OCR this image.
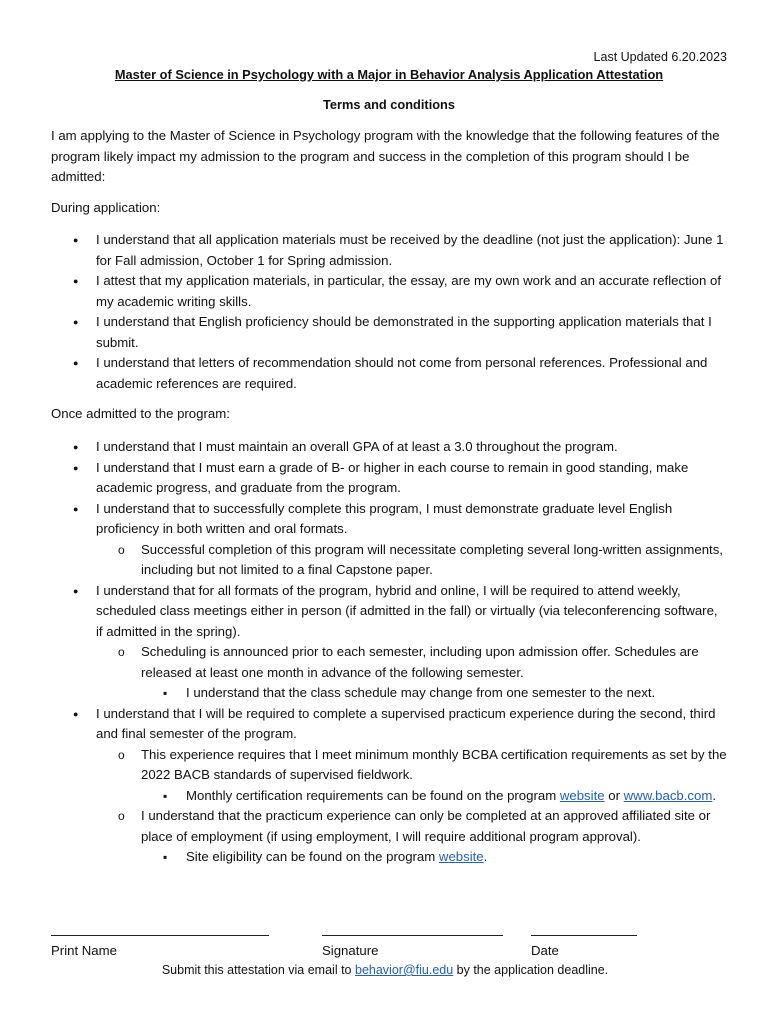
Last Updated 6.20.2023
Master of Science in Psychology with a Major in Behavior Analysis Application Attestation
Terms and conditions
I am applying to the Master of Science in Psychology program with the knowledge that the following features of the program likely impact my admission to the program and success in the completion of this program should I be admitted:
During application:
● I understand that all application materials must be received by the deadline (not just the application): June 1 for Fall admission, October 1 for Spring admission.
● I attest that my application materials, in particular, the essay, are my own work and an accurate reflection of my academic writing skills.
● I understand that English proficiency should be demonstrated in the supporting application materials that I submit.
● I understand that letters of recommendation should not come from personal references. Professional and academic references are required.
Once admitted to the program:
● I understand that I must maintain an overall GPA of at least a 3.0 throughout the program.
● I understand that I must earn a grade of B- or higher in each course to remain in good standing, make academic progress, and graduate from the program.
● I understand that to successfully complete this program, I must demonstrate graduate level English proficiency in both written and oral formats.
o Successful completion of this program will necessitate completing several long-written assignments, including but not limited to a final Capstone paper.
● I understand that for all formats of the program, hybrid and online, I will be required to attend weekly, scheduled class meetings either in person (if admitted in the fall) or virtually (via teleconferencing software, if admitted in the spring).
o Scheduling is announced prior to each semester, including upon admission offer. Schedules are released at least one month in advance of the following semester.
▪ I understand that the class schedule may change from one semester to the next.
● I understand that I will be required to complete a supervised practicum experience during the second, third and final semester of the program.
o This experience requires that I meet minimum monthly BCBA certification requirements as set by the 2022 BACB standards of supervised fieldwork.
▪ Monthly certification requirements can be found on the program website or www.bacb.com.
o I understand that the practicum experience can only be completed at an approved affiliated site or place of employment (if using employment, I will require additional program approval).
▪ Site eligibility can be found on the program website.
Print Name	Signature	Date
Submit this attestation via email to behavior@fiu.edu by the application deadline.
